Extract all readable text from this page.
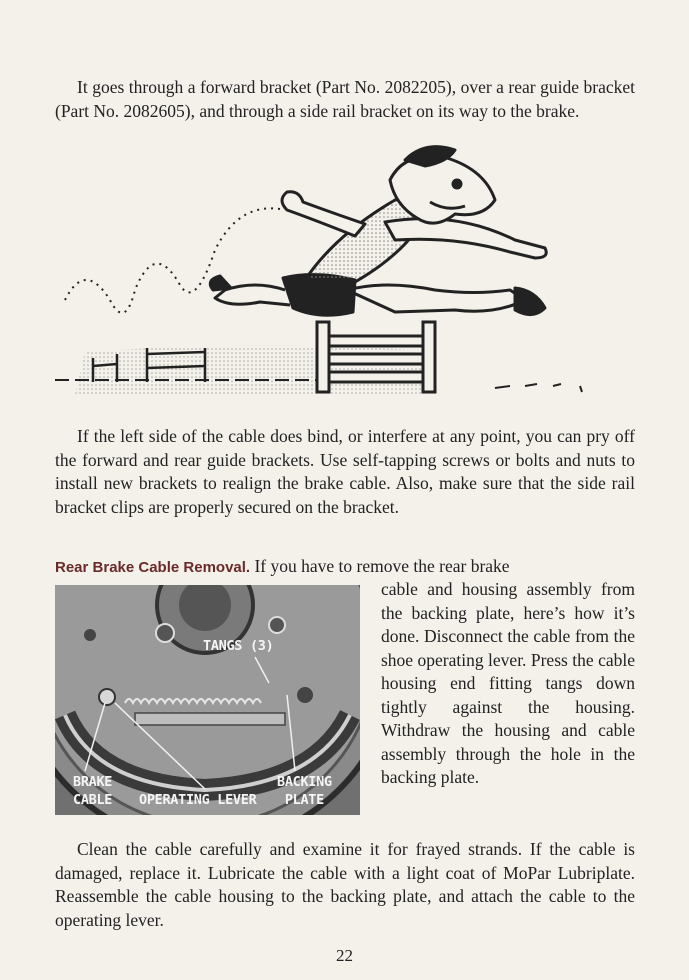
It goes through a forward bracket (Part No. 2082205), over a rear guide bracket (Part No. 2082605), and through a side rail bracket on its way to the brake.

If the left side of the cable does bind, or interfere at any point, you can pry off the forward and rear guide brackets. Use self-tapping screws or bolts and nuts to install new brackets to realign the brake cable. Also, make sure that the side rail bracket clips are properly secured on the bracket.

Rear Brake Cable Removal. If you have to remove the rear brake
TANGS (3)
BRAKE
CABLE OPERATING LEVER
BACKING
PLATE

cable and housing assembly from the backing plate, here’s how it’s done. Disconnect the cable from the shoe operating lever. Press the cable housing end fitting tangs down tightly against the housing. Withdraw the housing and cable assembly through the hole in the backing plate.

Clean the cable carefully and examine it for frayed strands. If the cable is damaged, replace it. Lubricate the cable with a light coat of MoPar Lubriplate. Reassemble the cable housing to the backing plate, and attach the cable to the operating lever.

22
